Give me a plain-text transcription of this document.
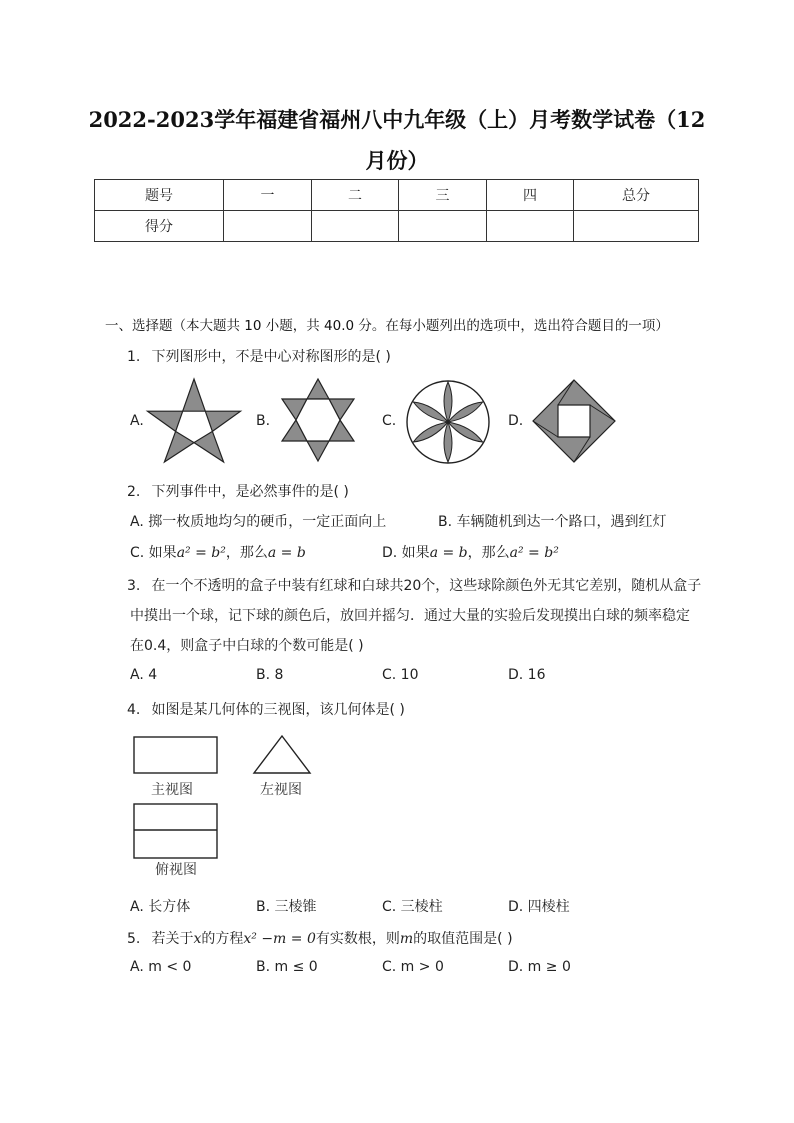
2022-2023学年福建省福州八中九年级（上）月考数学试卷（12
月份）
题号	一	二	三	四	总分
得分					
一、选择题（本大题共 10 小题，共 40.0 分。在每小题列出的选项中，选出符合题目的一项）
1. 下列图形中，不是中心对称图形的是( )
A.	B.	C.	D.
2. 下列事件中，是必然事件的是( )
A. 掷一枚质地均匀的硬币，一定正面向上	B. 车辆随机到达一个路口，遇到红灯
C. 如果a² = b²，那么a = b	D. 如果a = b，那么a² = b²
3. 在一个不透明的盒子中装有红球和白球共20个，这些球除颜色外无其它差别，随机从盒子
中摸出一个球，记下球的颜色后，放回并摇匀．通过大量的实验后发现摸出白球的频率稳定
在0.4，则盒子中白球的个数可能是( )
A. 4	B. 8	C. 10	D. 16
4. 如图是某几何体的三视图，该几何体是( )
主视图	左视图
俯视图
A. 长方体	B. 三棱锥	C. 三棱柱	D. 四棱柱
5. 若关于x的方程x² −m = 0有实数根，则m的取值范围是( )
A. m < 0	B. m ≤ 0	C. m > 0	D. m ≥ 0
